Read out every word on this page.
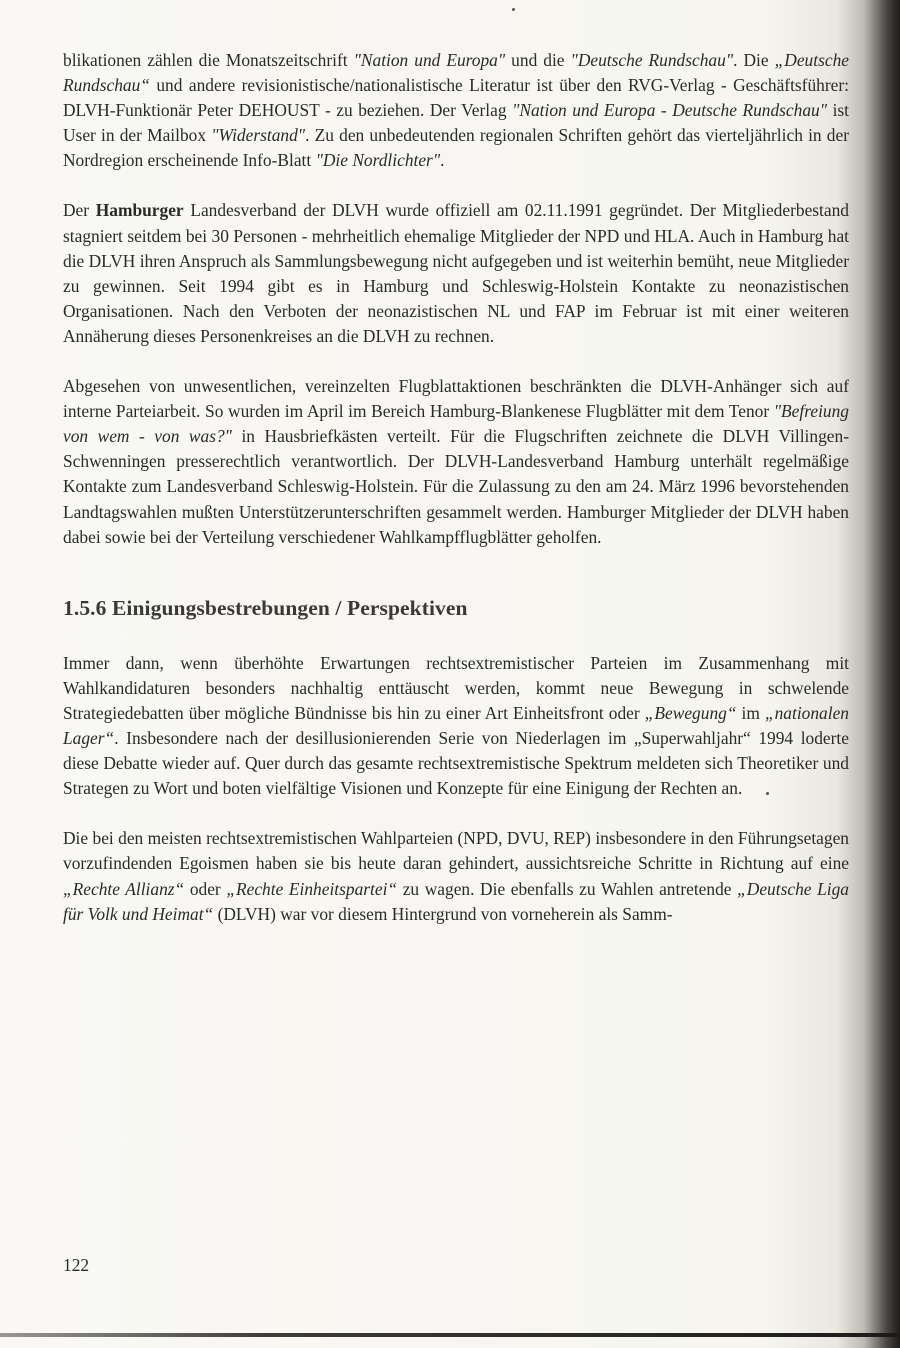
blikationen zählen die Monatszeitschrift "Nation und Europa" und die "Deutsche Rundschau". Die „Deutsche Rundschau“ und andere revisionistische/nationalistische Literatur ist über den RVG-Verlag - Geschäftsführer: DLVH-Funktionär Peter DEHOUST - zu beziehen. Der Verlag "Nation und Europa - Deutsche Rundschau" ist User in der Mailbox "Widerstand". Zu den unbedeutenden regionalen Schriften gehört das vierteljährlich in der Nordregion erscheinende Info-Blatt "Die Nordlichter".

Der Hamburger Landesverband der DLVH wurde offiziell am 02.11.1991 gegründet. Der Mitgliederbestand stagniert seitdem bei 30 Personen - mehrheitlich ehemalige Mitglieder der NPD und HLA. Auch in Hamburg hat die DLVH ihren Anspruch als Sammlungsbewegung nicht aufgegeben und ist weiterhin bemüht, neue Mitglieder zu gewinnen. Seit 1994 gibt es in Hamburg und Schleswig-Holstein Kontakte zu neonazistischen Organisationen. Nach den Verboten der neonazistischen NL und FAP im Februar ist mit einer weiteren Annäherung dieses Personenkreises an die DLVH zu rechnen.

Abgesehen von unwesentlichen, vereinzelten Flugblattaktionen beschränkten die DLVH-Anhänger sich auf interne Parteiarbeit. So wurden im April im Bereich Hamburg-Blankenese Flugblätter mit dem Tenor "Befreiung von wem - von was?" in Hausbriefkästen verteilt. Für die Flugschriften zeichnete die DLVH Villingen-Schwenningen presserechtlich verantwortlich. Der DLVH-Landesverband Hamburg unterhält regelmäßige Kontakte zum Landesverband Schleswig-Holstein. Für die Zulassung zu den am 24. März 1996 bevorstehenden Landtagswahlen mußten Unterstützerunterschriften gesammelt werden. Hamburger Mitglieder der DLVH haben dabei sowie bei der Verteilung verschiedener Wahlkampfflugblätter geholfen.

1.5.6 Einigungsbestrebungen / Perspektiven

Immer dann, wenn überhöhte Erwartungen rechtsextremistischer Parteien im Zusammenhang mit Wahlkandidaturen besonders nachhaltig enttäuscht werden, kommt neue Bewegung in schwelende Strategiedebatten über mögliche Bündnisse bis hin zu einer Art Einheitsfront oder „Bewegung“ im „nationalen Lager“. Insbesondere nach der desillusionierenden Serie von Niederlagen im „Superwahljahr“ 1994 loderte diese Debatte wieder auf. Quer durch das gesamte rechtsextremistische Spektrum meldeten sich Theoretiker und Strategen zu Wort und boten vielfältige Visionen und Konzepte für eine Einigung der Rechten an.

Die bei den meisten rechtsextremistischen Wahlparteien (NPD, DVU, REP) insbesondere in den Führungsetagen vorzufindenden Egoismen haben sie bis heute daran gehindert, aussichtsreiche Schritte in Richtung auf eine „Rechte Allianz“ oder „Rechte Einheitspartei“ zu wagen. Die ebenfalls zu Wahlen antretende „Deutsche Liga für Volk und Heimat“ (DLVH) war vor diesem Hintergrund von vorneherein als Samm-

122
